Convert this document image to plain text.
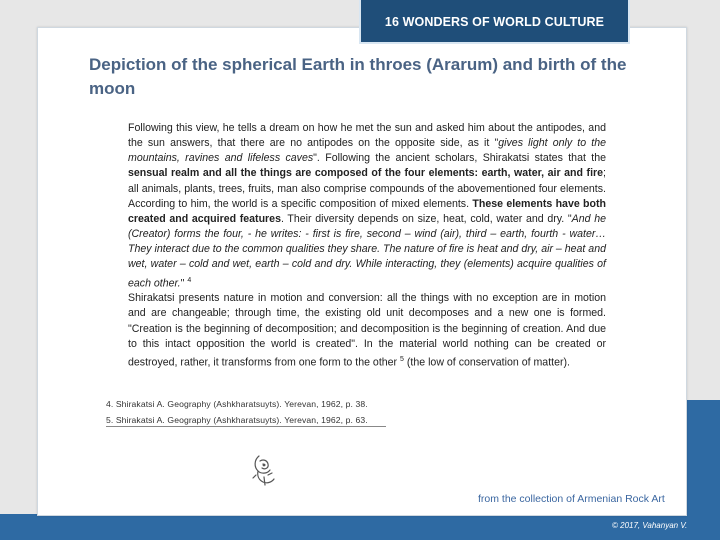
16 WONDERS OF WORLD CULTURE
Depiction of the spherical Earth in throes (Ararum) and birth of the moon

Following this view, he tells a dream on how he met the sun and asked him about the antipodes, and the sun answers, that there are no antipodes on the opposite side, as it "gives light only to the mountains, ravines and lifeless caves". Following the ancient scholars, Shirakatsi states that the sensual realm and all the things are composed of the four elements: earth, water, air and fire; all animals, plants, trees, fruits, man also comprise compounds of the abovementioned four elements. According to him, the world is a specific composition of mixed elements. These elements have both created and acquired features. Their diversity depends on size, heat, cold, water and dry. "And he (Creator) forms the four, - he writes: - first is fire, second – wind (air), third – earth, fourth - water… They interact due to the common qualities they share. The nature of fire is heat and dry, air – heat and wet, water – cold and wet, earth – cold and dry. While interacting, they (elements) acquire qualities of each other." $^4$

Shirakatsi presents nature in motion and conversion: all the things with no exception are in motion and are changeable; through time, the existing old unit decomposes and a new one is formed. "Creation is the beginning of decomposition; and decomposition is the beginning of creation. And due to this intact opposition the world is created". In the material world nothing can be created or destroyed, rather, it transforms from one form to the other $^5$ (the low of conservation of matter).

4. Shirakatsi A. Geography (Ashkharatsuyts). Yerevan, 1962, p. 38.
5. Shirakatsi A. Geography (Ashkharatsuyts). Yerevan, 1962, p. 63.
from the collection of Armenian Rock Art
© 2017, Vahanyan V.
